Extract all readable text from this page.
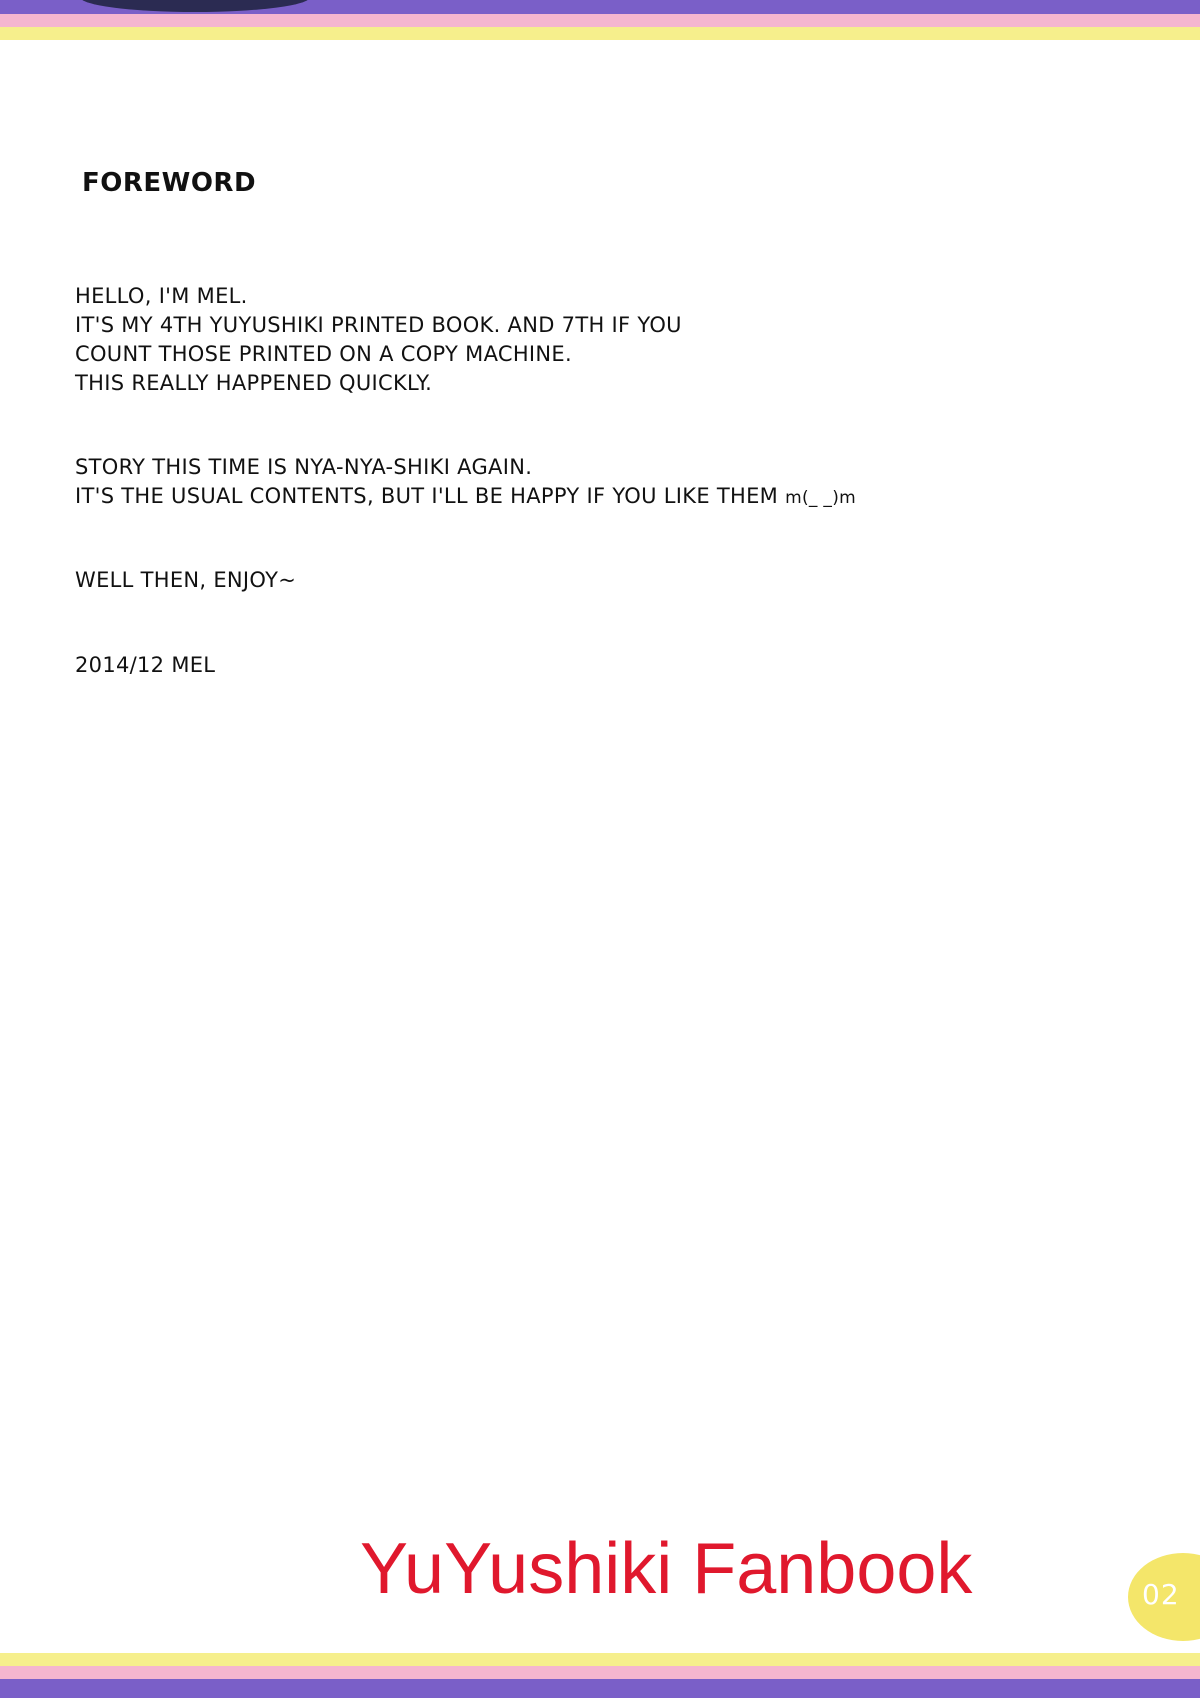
FOREWORD
HELLO, I'M MEL.
IT'S MY 4TH YUYUSHIKI PRINTED BOOK. AND 7TH IF YOU
COUNT THOSE PRINTED ON A COPY MACHINE.
THIS REALLY HAPPENED QUICKLY.
STORY THIS TIME IS NYA-NYA-SHIKI AGAIN.
IT'S THE USUAL CONTENTS, BUT I'LL BE HAPPY IF YOU LIKE THEM m(_ _)m
WELL THEN, ENJOY~
2014/12 MEL
YuYushiki Fanbook	02
